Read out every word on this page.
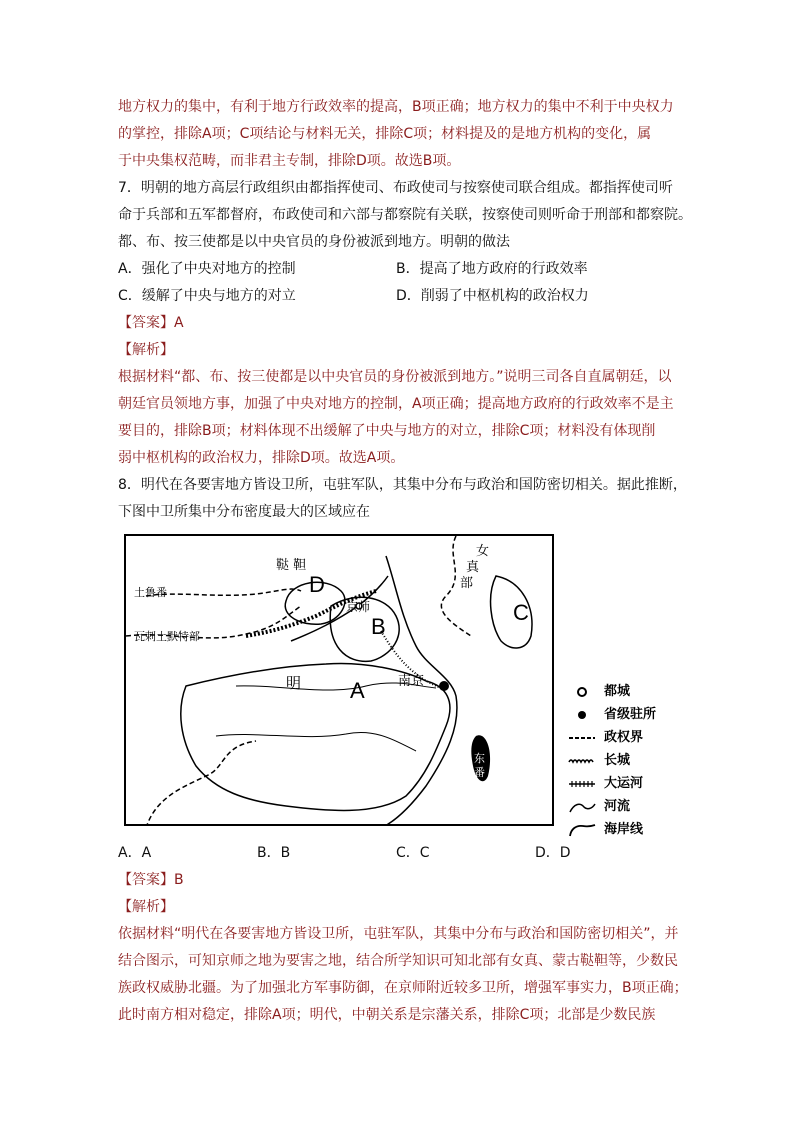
地方权力的集中，有利于地方行政效率的提高，B项正确；地方权力的集中不利于中央权力
的掌控，排除A项；C项结论与材料无关，排除C项；材料提及的是地方机构的变化，属
于中央集权范畴，而非君主专制，排除D项。故选B项。
7．明朝的地方高层行政组织由都指挥使司、布政使司与按察使司联合组成。都指挥使司听
命于兵部和五军都督府，布政使司和六部与都察院有关联，按察使司则听命于刑部和都察院。
都、布、按三使都是以中央官员的身份被派到地方。明朝的做法
A．强化了中央对地方的控制	B．提高了地方政府的行政效率
C．缓解了中央与地方的对立	D．削弱了中枢机构的政治权力
【答案】A
【解析】
根据材料“都、布、按三使都是以中央官员的身份被派到地方。”说明三司各自直属朝廷，以
朝廷官员领地方事，加强了中央对地方的控制，A项正确；提高地方政府的行政效率不是主
要目的，排除B项；材料体现不出缓解了中央与地方的对立，排除C项；材料没有体现削
弱中枢机构的政治权力，排除D项。故选A项。
8．明代在各要害地方皆设卫所，屯驻军队，其集中分布与政治和国防密切相关。据此推断，
下图中卫所集中分布密度最大的区域应在
鞑 靼
女
真
部
土鲁番
瓦剌土默特部
京师
明	南京
东
番
A
B
C
D
都城
省级驻所
政权界
长城
大运河
河流
海岸线
A．A	B．B	C．C	D．D
【答案】B
【解析】
依据材料“明代在各要害地方皆设卫所，屯驻军队，其集中分布与政治和国防密切相关”，并
结合图示，可知京师之地为要害之地，结合所学知识可知北部有女真、蒙古鞑靼等，少数民
族政权威胁北疆。为了加强北方军事防御，在京师附近较多卫所，增强军事实力，B项正确；
此时南方相对稳定，排除A项；明代，中朝关系是宗藩关系，排除C项；北部是少数民族
